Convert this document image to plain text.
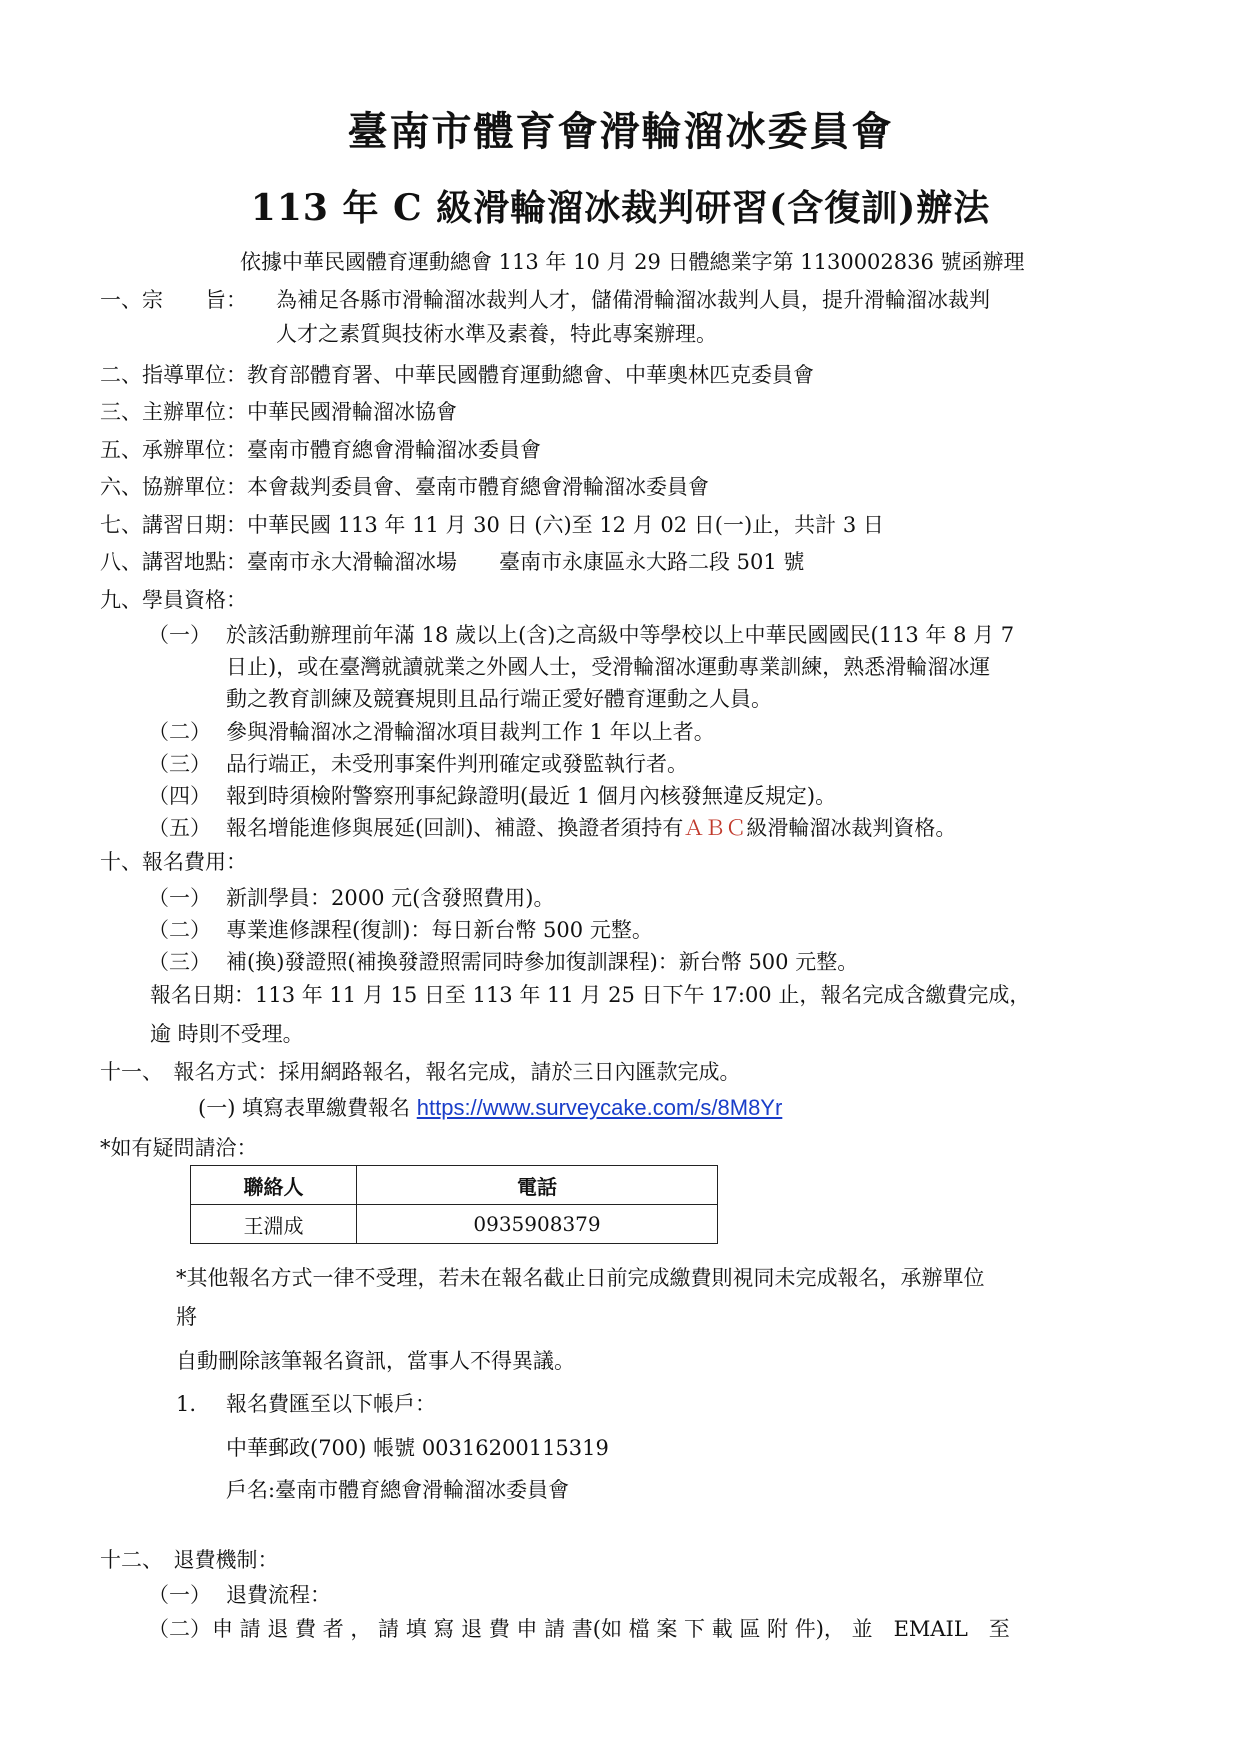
臺南市體育會滑輪溜冰委員會
113 年 C 級滑輪溜冰裁判研習(含復訓)辦法
依據中華民國體育運動總會 113 年 10 月 29 日體總業字第 1130002836 號函辦理
一、宗　　旨： 為補足各縣市滑輪溜冰裁判人才，儲備滑輪溜冰裁判人員，提升滑輪溜冰裁判
人才之素質與技術水準及素養，特此專案辦理。
二、指導單位：教育部體育署、中華民國體育運動總會、中華奧林匹克委員會
三、主辦單位：中華民國滑輪溜冰協會
五、承辦單位：臺南市體育總會滑輪溜冰委員會
六、協辦單位：本會裁判委員會、臺南市體育總會滑輪溜冰委員會
七、講習日期：中華民國 113 年 11 月 30 日 (六)至 12 月 02 日(一)止，共計 3 日
八、講習地點：臺南市永大滑輪溜冰場　　臺南市永康區永大路二段 501 號
九、學員資格：
（一） 於該活動辦理前年滿 18 歲以上(含)之高級中等學校以上中華民國國民(113 年 8 月 7
日止)，或在臺灣就讀就業之外國人士，受滑輪溜冰運動專業訓練，熟悉滑輪溜冰運
動之教育訓練及競賽規則且品行端正愛好體育運動之人員。
（二） 參與滑輪溜冰之滑輪溜冰項目裁判工作 1 年以上者。
（三） 品行端正，未受刑事案件判刑確定或發監執行者。
（四） 報到時須檢附警察刑事紀錄證明(最近 1 個月內核發無違反規定)。
（五） 報名增能進修與展延(回訓)、補證、換證者須持有ＡＢＣ級滑輪溜冰裁判資格。
十、報名費用：
（一） 新訓學員：2000 元(含發照費用)。
（二） 專業進修課程(復訓)：每日新台幣 500 元整。
（三） 補(換)發證照(補換發證照需同時參加復訓課程)：新台幣 500 元整。
報名日期：113 年 11 月 15 日至 113 年 11 月 25 日下午 17:00 止，報名完成含繳費完成，
逾 時則不受理。
十一、　報名方式：採用網路報名，報名完成，請於三日內匯款完成。
(一) 填寫表單繳費報名 https://www.surveycake.com/s/8M8Yr
*如有疑問請洽：
聯絡人	電話
王淵成	0935908379
*其他報名方式一律不受理，若未在報名截止日前完成繳費則視同未完成報名，承辦單位
將
自動刪除該筆報名資訊，當事人不得異議。
1. 報名費匯至以下帳戶：
中華郵政(700) 帳號 00316200115319
戶名:臺南市體育總會滑輪溜冰委員會
十二、　退費機制：
（一） 退費流程：
（二） 申 請 退 費 者 ， 請 填 寫 退 費 申 請 書(如 檔 案 下 載 區 附 件)， 並　EMAIL　至
